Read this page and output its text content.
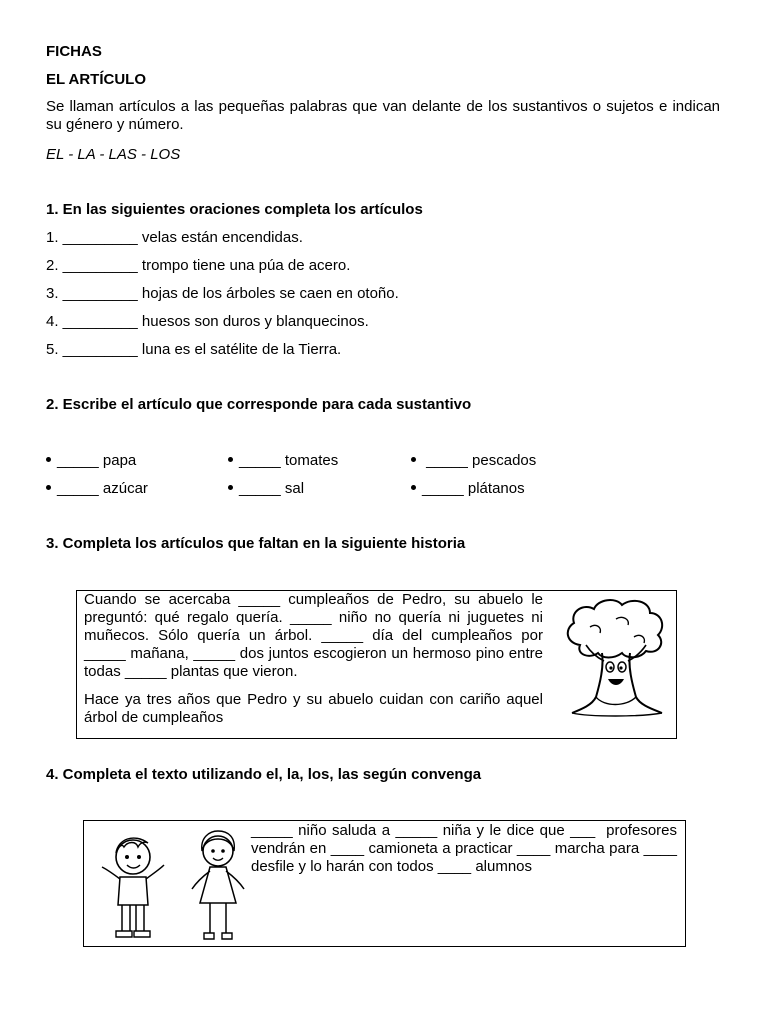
FICHAS
EL ARTÍCULO
Se llaman artículos a las pequeñas palabras que van delante de los sustantivos o sujetos e indican su género y número.
EL - LA - LAS - LOS
1. En las siguientes oraciones completa los artículos
1. _________ velas están encendidas.
2. _________ trompo tiene una púa de acero.
3. _________ hojas de los árboles se caen en otoño.
4. _________ huesos son duros y blanquecinos.
5. _________ luna es el satélite de la Tierra.
2. Escribe el artículo que corresponde para cada sustantivo
_____ papa	_____ tomates	_____ pescados
_____ azúcar	_____ sal	_____ plátanos
3. Completa los artículos que faltan en la siguiente historia
Cuando se acercaba _____ cumpleaños de Pedro, su abuelo le preguntó: qué regalo quería. _____ niño no quería ni juguetes ni muñecos. Sólo quería un árbol. _____ día del cumpleaños por _____ mañana, _____ dos juntos escogieron un hermoso pino entre todas _____ plantas que vieron.
Hace ya tres años que Pedro y su abuelo cuidan con cariño aquel árbol de cumpleaños
4. Completa el texto utilizando el, la, los, las según convenga
_____ niño saluda a _____ niña y le dice que ___  profesores vendrán en ____ camioneta a practicar ____ marcha para ____ desfile y lo harán con todos ____ alumnos
